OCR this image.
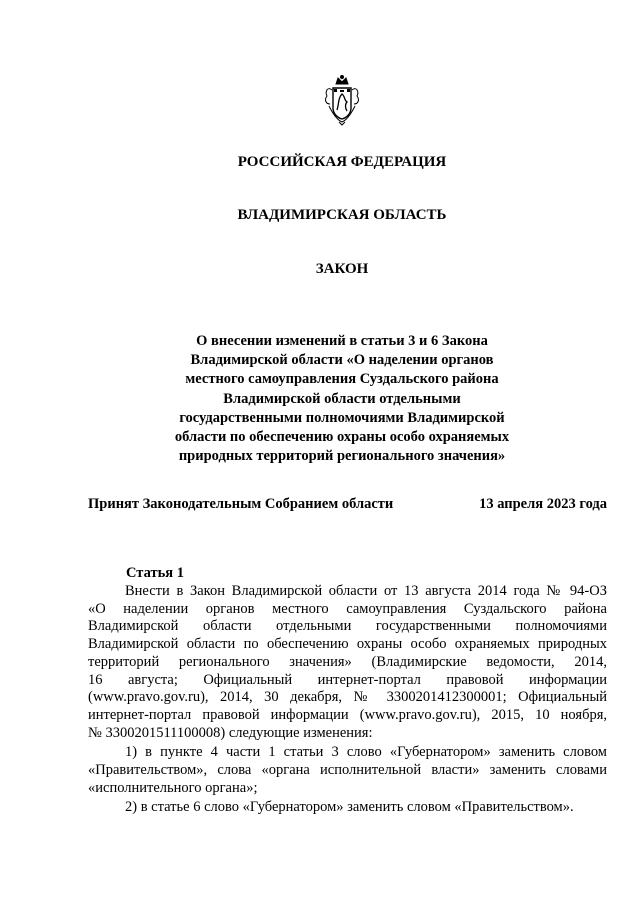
РОССИЙСКАЯ ФЕДЕРАЦИЯ
ВЛАДИМИРСКАЯ ОБЛАСТЬ
ЗАКОН
О внесении изменений в статьи 3 и 6 Закона
Владимирской области «О наделении органов
местного самоуправления Суздальского района
Владимирской области отдельными
государственными полномочиями Владимирской
области по обеспечению охраны особо охраняемых
природных территорий регионального значения»
Принят Законодательным Собранием области	13 апреля 2023 года
Статья 1
Внести в Закон Владимирской области от 13 августа 2014 года № 94-ОЗ
«О наделении органов местного самоуправления Суздальского района
Владимирской области отдельными государственными полномочиями
Владимирской области по обеспечению охраны особо охраняемых природных
территорий регионального значения» (Владимирские ведомости, 2014,
16 августа; Официальный интернет-портал правовой информации
(www.pravo.gov.ru), 2014, 30 декабря, № 3300201412300001; Официальный
интернет-портал правовой информации (www.pravo.gov.ru), 2015, 10 ноября,
№ 3300201511100008) следующие изменения:
1) в пункте 4 части 1 статьи 3 слово «Губернатором» заменить словом
«Правительством», слова «органа исполнительной власти» заменить словами
«исполнительного органа»;
2) в статье 6 слово «Губернатором» заменить словом «Правительством».
